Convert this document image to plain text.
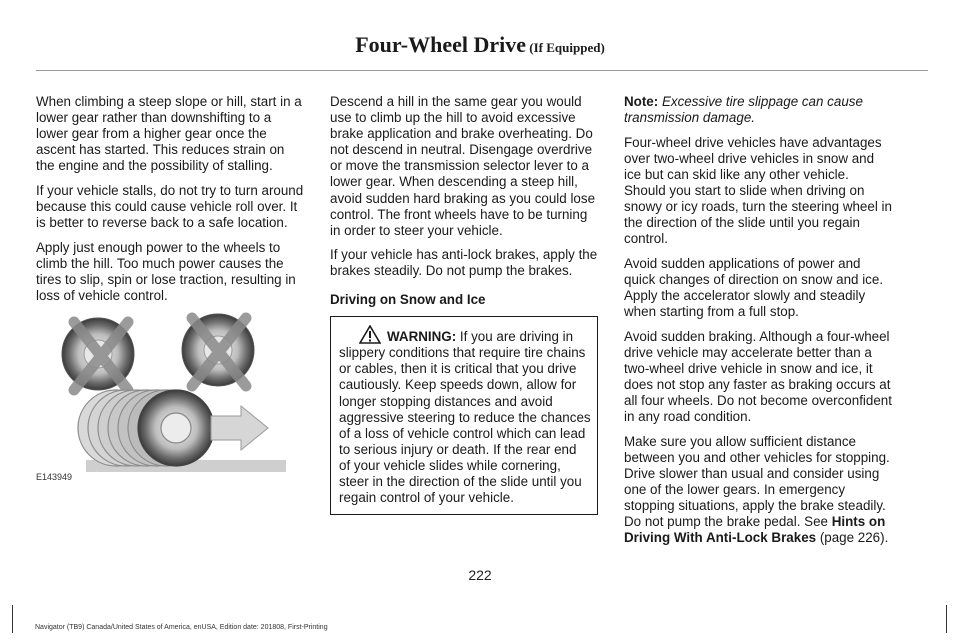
Four-Wheel Drive (If Equipped)

When climbing a steep slope or hill, start in a lower gear rather than downshifting to a lower gear from a higher gear once the ascent has started. This reduces strain on the engine and the possibility of stalling.

If your vehicle stalls, do not try to turn around because this could cause vehicle roll over. It is better to reverse back to a safe location.

Apply just enough power to the wheels to climb the hill. Too much power causes the tires to slip, spin or lose traction, resulting in loss of vehicle control.

E143949

Descend a hill in the same gear you would use to climb up the hill to avoid excessive brake application and brake overheating. Do not descend in neutral. Disengage overdrive or move the transmission selector lever to a lower gear. When descending a steep hill, avoid sudden hard braking as you could lose control. The front wheels have to be turning in order to steer your vehicle.

If your vehicle has anti-lock brakes, apply the brakes steadily. Do not pump the brakes.

Driving on Snow and Ice

WARNING: If you are driving in slippery conditions that require tire chains or cables, then it is critical that you drive cautiously. Keep speeds down, allow for longer stopping distances and avoid aggressive steering to reduce the chances of a loss of vehicle control which can lead to serious injury or death. If the rear end of your vehicle slides while cornering, steer in the direction of the slide until you regain control of your vehicle.

Note: Excessive tire slippage can cause transmission damage.

Four-wheel drive vehicles have advantages over two-wheel drive vehicles in snow and ice but can skid like any other vehicle. Should you start to slide when driving on snowy or icy roads, turn the steering wheel in the direction of the slide until you regain control.

Avoid sudden applications of power and quick changes of direction on snow and ice. Apply the accelerator slowly and steadily when starting from a full stop.

Avoid sudden braking. Although a four-wheel drive vehicle may accelerate better than a two-wheel drive vehicle in snow and ice, it does not stop any faster as braking occurs at all four wheels. Do not become overconfident in any road condition.

Make sure you allow sufficient distance between you and other vehicles for stopping. Drive slower than usual and consider using one of the lower gears. In emergency stopping situations, apply the brake steadily. Do not pump the brake pedal. See Hints on Driving With Anti-Lock Brakes (page 226).

222
Navigator (TB9) Canada/United States of America, enUSA, Edition date: 201808, First-Printing
